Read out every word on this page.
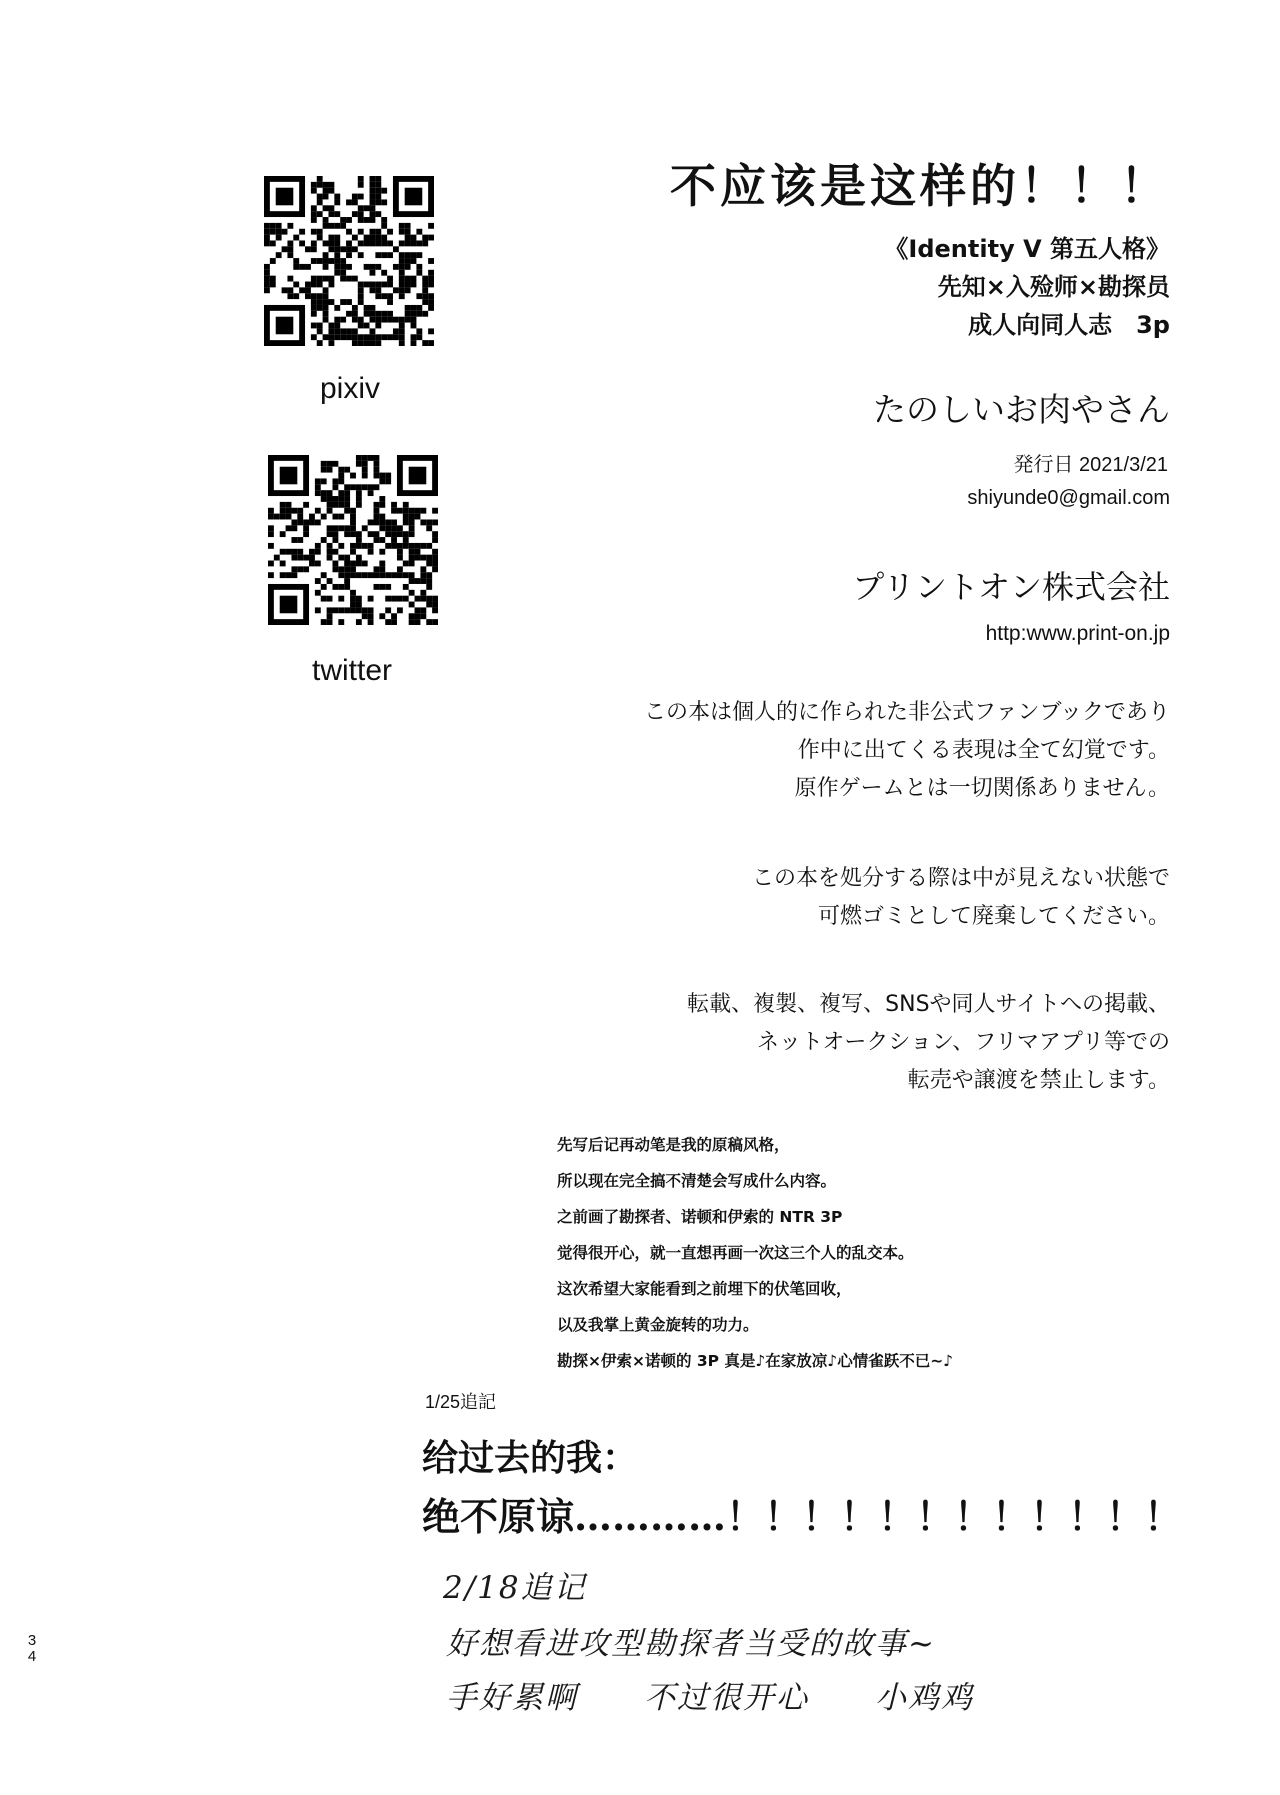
pixiv
twitter
不应该是这样的！！！
《Identity V 第五人格》
先知×入殓师×勘探员
成人向同人志　3p
たのしいお肉やさん
発行日 2021/3/21
shiyunde0@gmail.com
プリントオン株式会社
http:www.print-on.jp
この本は個人的に作られた非公式ファンブックであり
作中に出てくる表現は全て幻覚です。
原作ゲームとは一切関係ありません。
この本を処分する際は中が見えない状態で
可燃ゴミとして廃棄してください。
転載、複製、複写、SNSや同人サイトへの掲載、
ネットオークション、フリマアプリ等での
転売や譲渡を禁止します。
先写后记再动笔是我的原稿风格，
所以现在完全搞不清楚会写成什么内容。
之前画了勘探者、诺顿和伊索的 NTR 3P
觉得很开心，就一直想再画一次这三个人的乱交本。
这次希望大家能看到之前埋下的伏笔回收，
以及我掌上黄金旋转的功力。
勘探×伊索×诺顿的 3P 真是♪在家放凉♪心情雀跃不已~♪
1/25追記
给过去的我：
绝不原谅…………！！！！！！！！！！！！
2/18追记
好想看进攻型勘探者当受的故事~
手好累啊　　不过很开心　　小鸡鸡
3
4
